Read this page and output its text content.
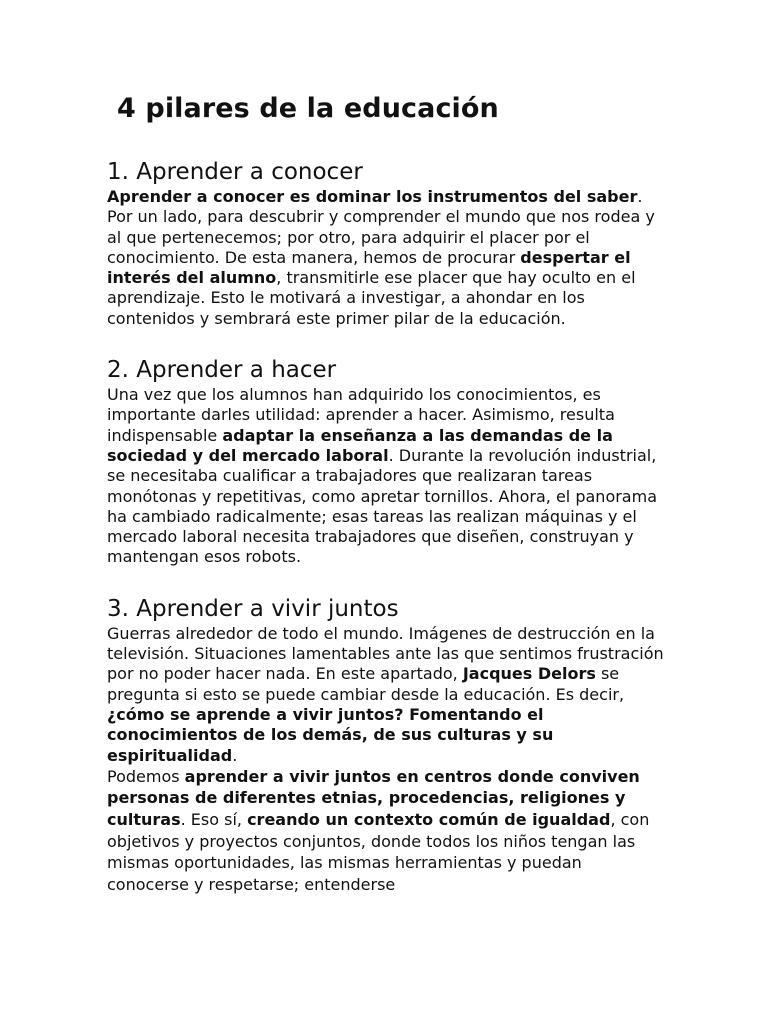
4 pilares de la educación
1. Aprender a conocer

Aprender a conocer es dominar los instrumentos del saber. Por un lado, para descubrir y comprender el mundo que nos rodea y al que pertenecemos; por otro, para adquirir el placer por el conocimiento. De esta manera, hemos de procurar despertar el interés del alumno, transmitirle ese placer que hay oculto en el aprendizaje. Esto le motivará a investigar, a ahondar en los contenidos y sembrará este primer pilar de la educación.

2. Aprender a hacer

Una vez que los alumnos han adquirido los conocimientos, es importante darles utilidad: aprender a hacer. Asimismo, resulta indispensable adaptar la enseñanza a las demandas de la sociedad y del mercado laboral. Durante la revolución industrial, se necesitaba cualificar a trabajadores que realizaran tareas monótonas y repetitivas, como apretar tornillos. Ahora, el panorama ha cambiado radicalmente; esas tareas las realizan máquinas y el mercado laboral necesita trabajadores que diseñen, construyan y mantengan esos robots.

3. Aprender a vivir juntos

Guerras alrededor de todo el mundo. Imágenes de destrucción en la televisión. Situaciones lamentables ante las que sentimos frustración por no poder hacer nada. En este apartado, Jacques Delors se pregunta si esto se puede cambiar desde la educación. Es decir, ¿cómo se aprende a vivir juntos? Fomentando el conocimientos de los demás, de sus culturas y su espiritualidad.

Podemos aprender a vivir juntos en centros donde conviven personas de diferentes etnias, procedencias, religiones y culturas. Eso sí, creando un contexto común de igualdad, con objetivos y proyectos conjuntos, donde todos los niños tengan las mismas oportunidades, las mismas herramientas y puedan conocerse y respetarse; entenderse
